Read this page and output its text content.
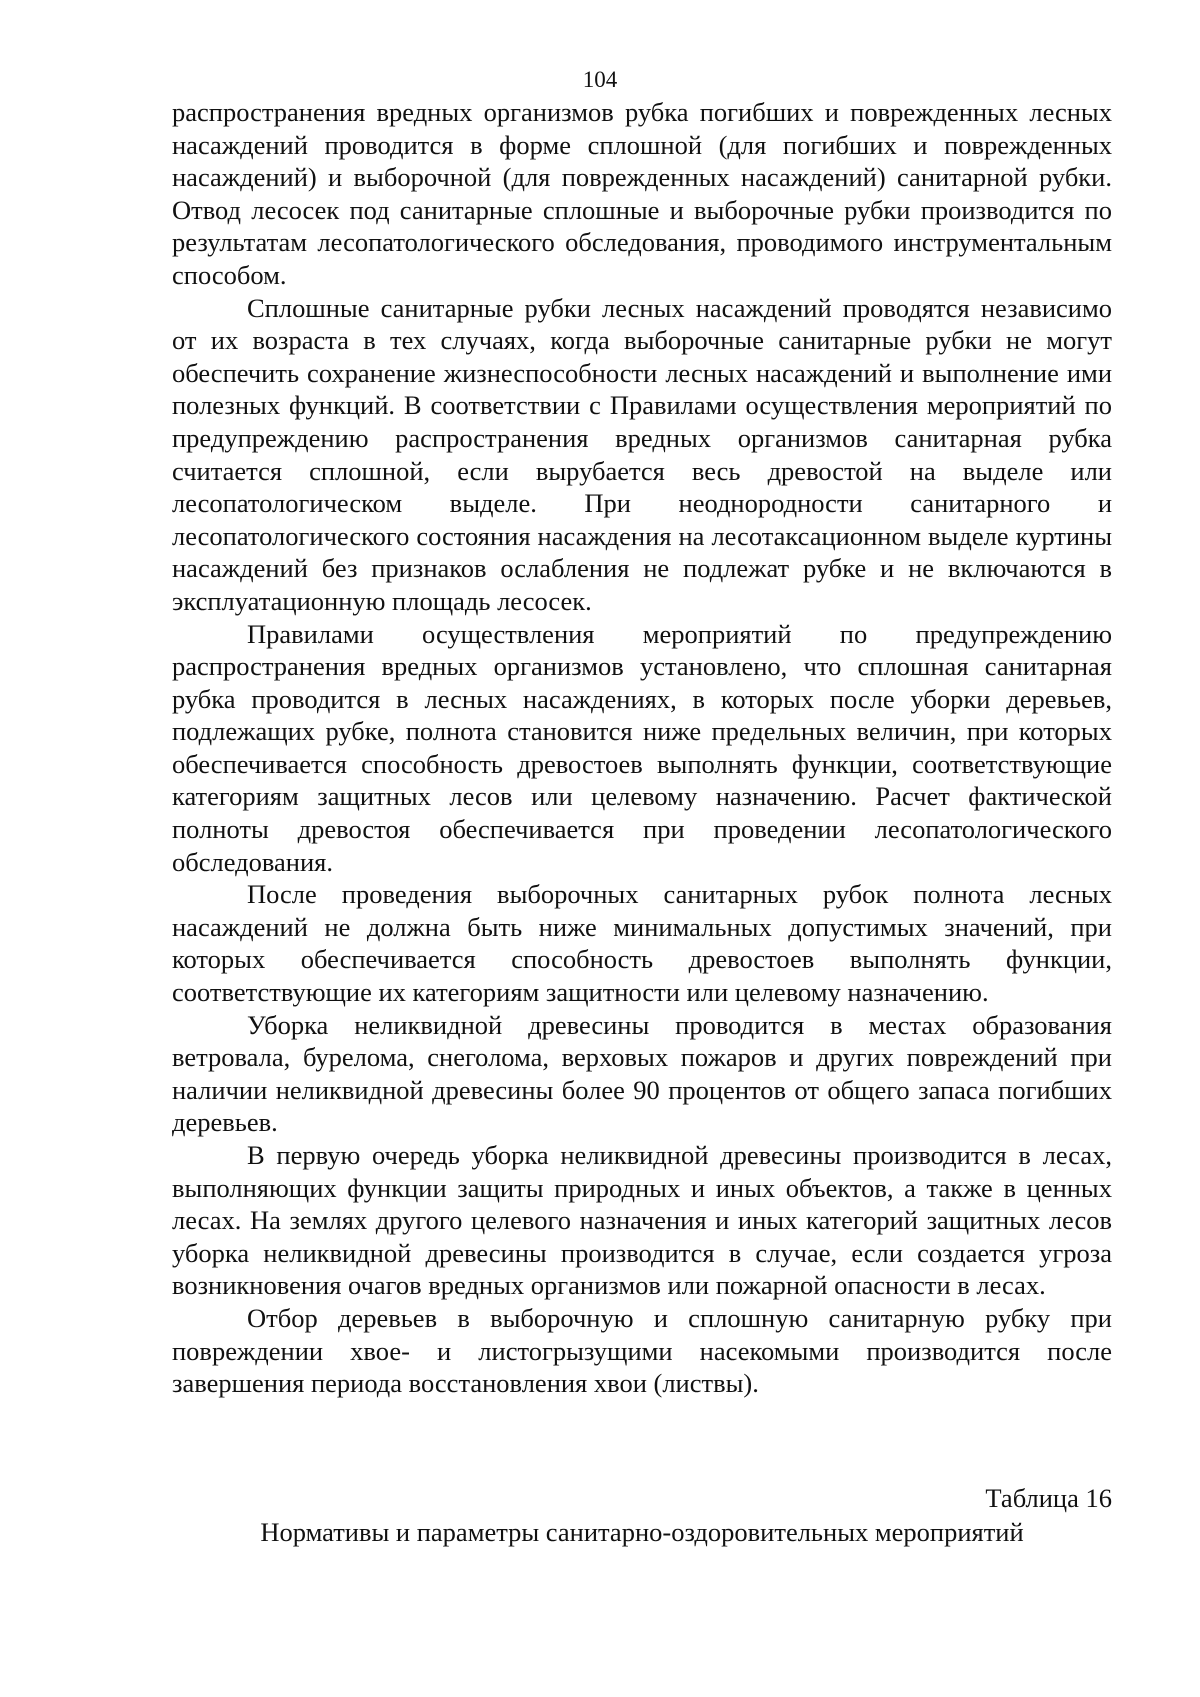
104

распространения вредных организмов рубка погибших и поврежденных лесных насаждений проводится в форме сплошной (для погибших и поврежденных насаждений) и выборочной (для поврежденных насаждений) санитарной рубки. Отвод лесосек под санитарные сплошные и выборочные рубки производится по результатам лесопатологического обследования, проводимого инструментальным способом.

Сплошные санитарные рубки лесных насаждений проводятся независимо от их возраста в тех случаях, когда выборочные санитарные рубки не могут обеспечить сохранение жизнеспособности лесных насаждений и выполнение ими полезных функций. В соответствии с Правилами осуществления мероприятий по предупреждению распространения вредных организмов санитарная рубка считается сплошной, если вырубается весь древостой на выделе или лесопатологическом выделе. При неоднородности санитарного и лесопатологического состояния насаждения на лесотаксационном выделе куртины насаждений без признаков ослабления не подлежат рубке и не включаются в эксплуатационную площадь лесосек.

Правилами осуществления мероприятий по предупреждению распространения вредных организмов установлено, что сплошная санитарная рубка проводится в лесных насаждениях, в которых после уборки деревьев, подлежащих рубке, полнота становится ниже предельных величин, при которых обеспечивается способность древостоев выполнять функции, соответствующие категориям защитных лесов или целевому назначению. Расчет фактической полноты древостоя обеспечивается при проведении лесопатологического обследования.

После проведения выборочных санитарных рубок полнота лесных насаждений не должна быть ниже минимальных допустимых значений, при которых обеспечивается способность древостоев выполнять функции, соответствующие их категориям защитности или целевому назначению.

Уборка неликвидной древесины проводится в местах образования ветровала, бурелома, снеголома, верховых пожаров и других повреждений при наличии неликвидной древесины более 90 процентов от общего запаса погибших деревьев.

В первую очередь уборка неликвидной древесины производится в лесах, выполняющих функции защиты природных и иных объектов, а также в ценных лесах. На землях другого целевого назначения и иных категорий защитных лесов уборка неликвидной древесины производится в случае, если создается угроза возникновения очагов вредных организмов или пожарной опасности в лесах.

Отбор деревьев в выборочную и сплошную санитарную рубку при повреждении хвое- и листогрызущими насекомыми производится после завершения периода восстановления хвои (листвы).

Таблица 16
Нормативы и параметры санитарно-оздоровительных мероприятий
